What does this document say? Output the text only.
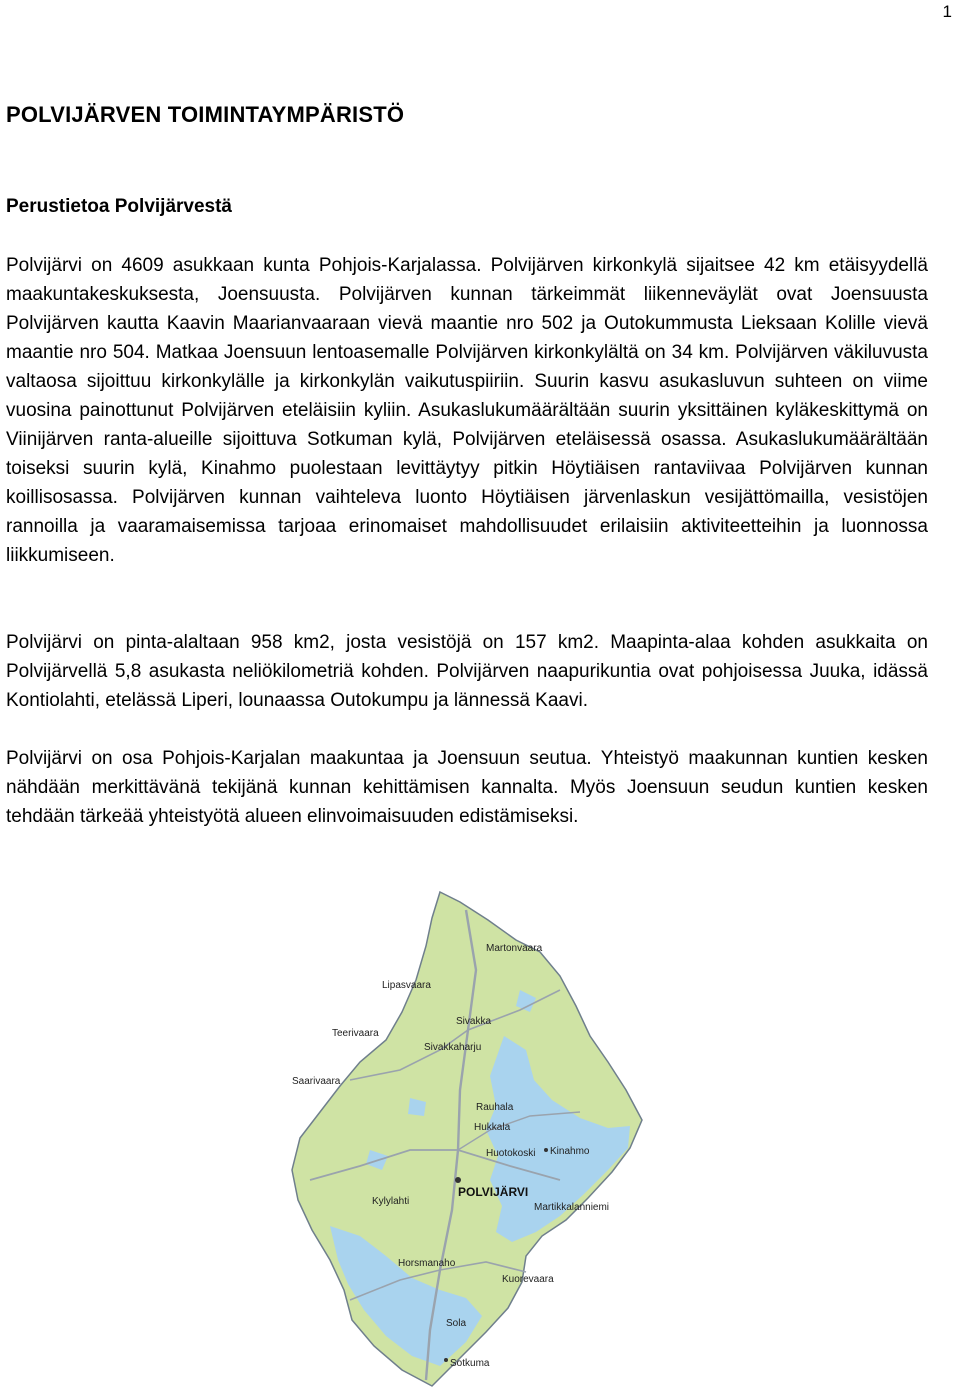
1
POLVIJÄRVEN TOIMINTAYMPÄRISTÖ
Perustietoa Polvijärvestä

Polvijärvi on 4609 asukkaan kunta Pohjois-Karjalassa. Polvijärven kirkonkylä sijaitsee 42 km etäisyydellä maakuntakeskuksesta, Joensuusta. Polvijärven kunnan tärkeimmät liikenneväylät ovat Joensuusta Polvijärven kautta Kaavin Maarianvaaraan vievä maantie nro 502 ja Outokummusta Lieksaan Kolille vievä maantie nro 504. Matkaa Joensuun lentoasemalle Polvijärven kirkonkylältä on 34 km. Polvijärven väkiluvusta valtaosa sijoittuu kirkonkylälle ja kirkonkylän vaikutuspiiriin. Suurin kasvu asukasluvun suhteen on viime vuosina painottunut Polvijärven eteläisiin kyliin. Asukaslukumäärältään suurin yksittäinen kyläkeskittymä on Viinijärven ranta-alueille sijoittuva Sotkuman kylä, Polvijärven eteläisessä osassa. Asukaslukumäärältään toiseksi suurin kylä, Kinahmo puolestaan levittäytyy pitkin Höytiäisen rantaviivaa Polvijärven kunnan koillisosassa. Polvijärven kunnan vaihteleva luonto Höytiäisen järvenlaskun vesijättömailla, vesistöjen rannoilla ja vaaramaisemissa tarjoaa erinomaiset mahdollisuudet erilaisiin aktiviteetteihin ja luonnossa liikkumiseen.

Polvijärvi on pinta-alaltaan 958 km2, josta vesistöjä on 157 km2. Maapinta-alaa kohden asukkaita on Polvijärvellä 5,8 asukasta neliökilometriä kohden. Polvijärven naapurikuntia ovat pohjoisessa Juuka, idässä Kontiolahti, etelässä Liperi, lounaassa Outokumpu ja lännessä Kaavi.

Polvijärvi on osa Pohjois-Karjalan maakuntaa ja Joensuun seutua. Yhteistyö maakunnan kuntien kesken nähdään merkittävänä tekijänä kunnan kehittämisen kannalta. Myös Joensuun seudun kuntien kesken tehdään tärkeää yhteistyötä alueen elinvoimaisuuden edistämiseksi.

Martonvaara
Lipasvaara
Teerivaara
Sivakka
Sivakkaharju
Rauhala
Saarivaara
Hukkala
Huotokoski Kinahmo
POLVIJÄRVI
Kylylahti
Martikkalanniemi
Horsmanaho
Kuorevaara
Solа
Sotkuma
